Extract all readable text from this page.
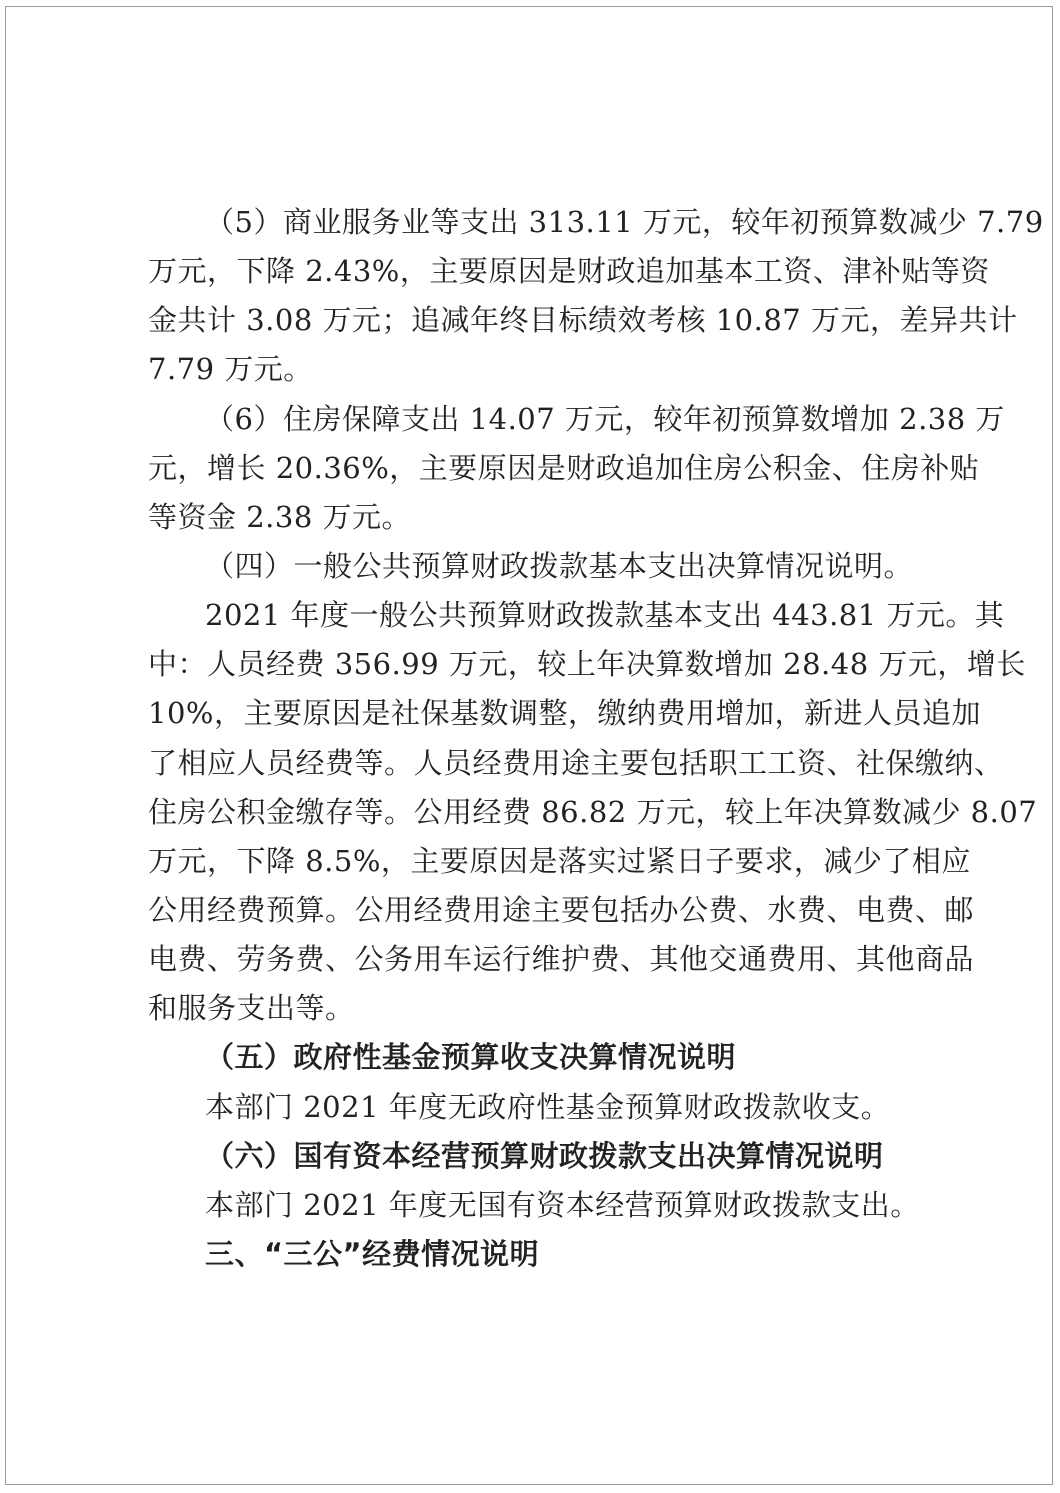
（5）商业服务业等支出 313.11 万元，较年初预算数减少 7.79
万元，下降 2.43%，主要原因是财政追加基本工资、津补贴等资
金共计 3.08 万元；追减年终目标绩效考核 10.87 万元，差异共计
7.79 万元。
（6）住房保障支出 14.07 万元，较年初预算数增加 2.38 万
元，增长 20.36%，主要原因是财政追加住房公积金、住房补贴
等资金 2.38 万元。
（四）一般公共预算财政拨款基本支出决算情况说明。
2021 年度一般公共预算财政拨款基本支出 443.81 万元。其
中：人员经费 356.99 万元，较上年决算数增加 28.48 万元，增长
10%，主要原因是社保基数调整，缴纳费用增加，新进人员追加
了相应人员经费等。人员经费用途主要包括职工工资、社保缴纳、
住房公积金缴存等。公用经费 86.82 万元，较上年决算数减少 8.07
万元，下降 8.5%，主要原因是落实过紧日子要求，减少了相应
公用经费预算。公用经费用途主要包括办公费、水费、电费、邮
电费、劳务费、公务用车运行维护费、其他交通费用、其他商品
和服务支出等。
（五）政府性基金预算收支决算情况说明
本部门 2021 年度无政府性基金预算财政拨款收支。
（六）国有资本经营预算财政拨款支出决算情况说明
本部门 2021 年度无国有资本经营预算财政拨款支出。
三、“三公”经费情况说明
